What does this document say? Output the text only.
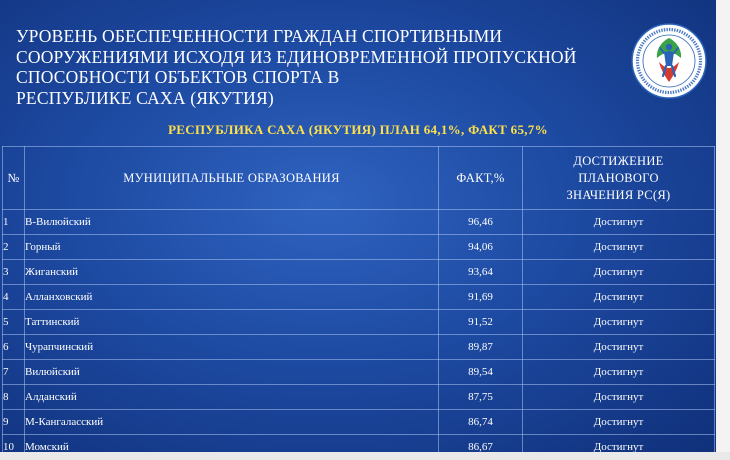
УРОВЕНЬ ОБЕСПЕЧЕННОСТИ ГРАЖДАН СПОРТИВНЫМИ
СООРУЖЕНИЯМИ ИСХОДЯ ИЗ ЕДИНОВРЕМЕННОЙ ПРОПУСКНОЙ
СПОСОБНОСТИ ОБЪЕКТОВ СПОРТА В
РЕСПУБЛИКЕ САХА (ЯКУТИЯ)
РЕСПУБЛИКА САХА (ЯКУТИЯ) ПЛАН 64,1%, ФАКТ 65,7%
№	МУНИЦИПАЛЬНЫЕ ОБРАЗОВАНИЯ	ФАКТ,%	ДОСТИЖЕНИЕ
ПЛАНОВОГО
ЗНАЧЕНИЯ РС(Я)

1	В-Вилюйский	96,46	Достигнут
2	Горный	94,06	Достигнут
3	Жиганский	93,64	Достигнут
4	Алланховский	91,69	Достигнут
5	Таттинский	91,52	Достигнут
6	Чурапчинский	89,87	Достигнут
7	Вилюйский	89,54	Достигнут
8	Алданский	87,75	Достигнут
9	М-Кангаласский	86,74	Достигнут
10	Момский	86,67	Достигнут
